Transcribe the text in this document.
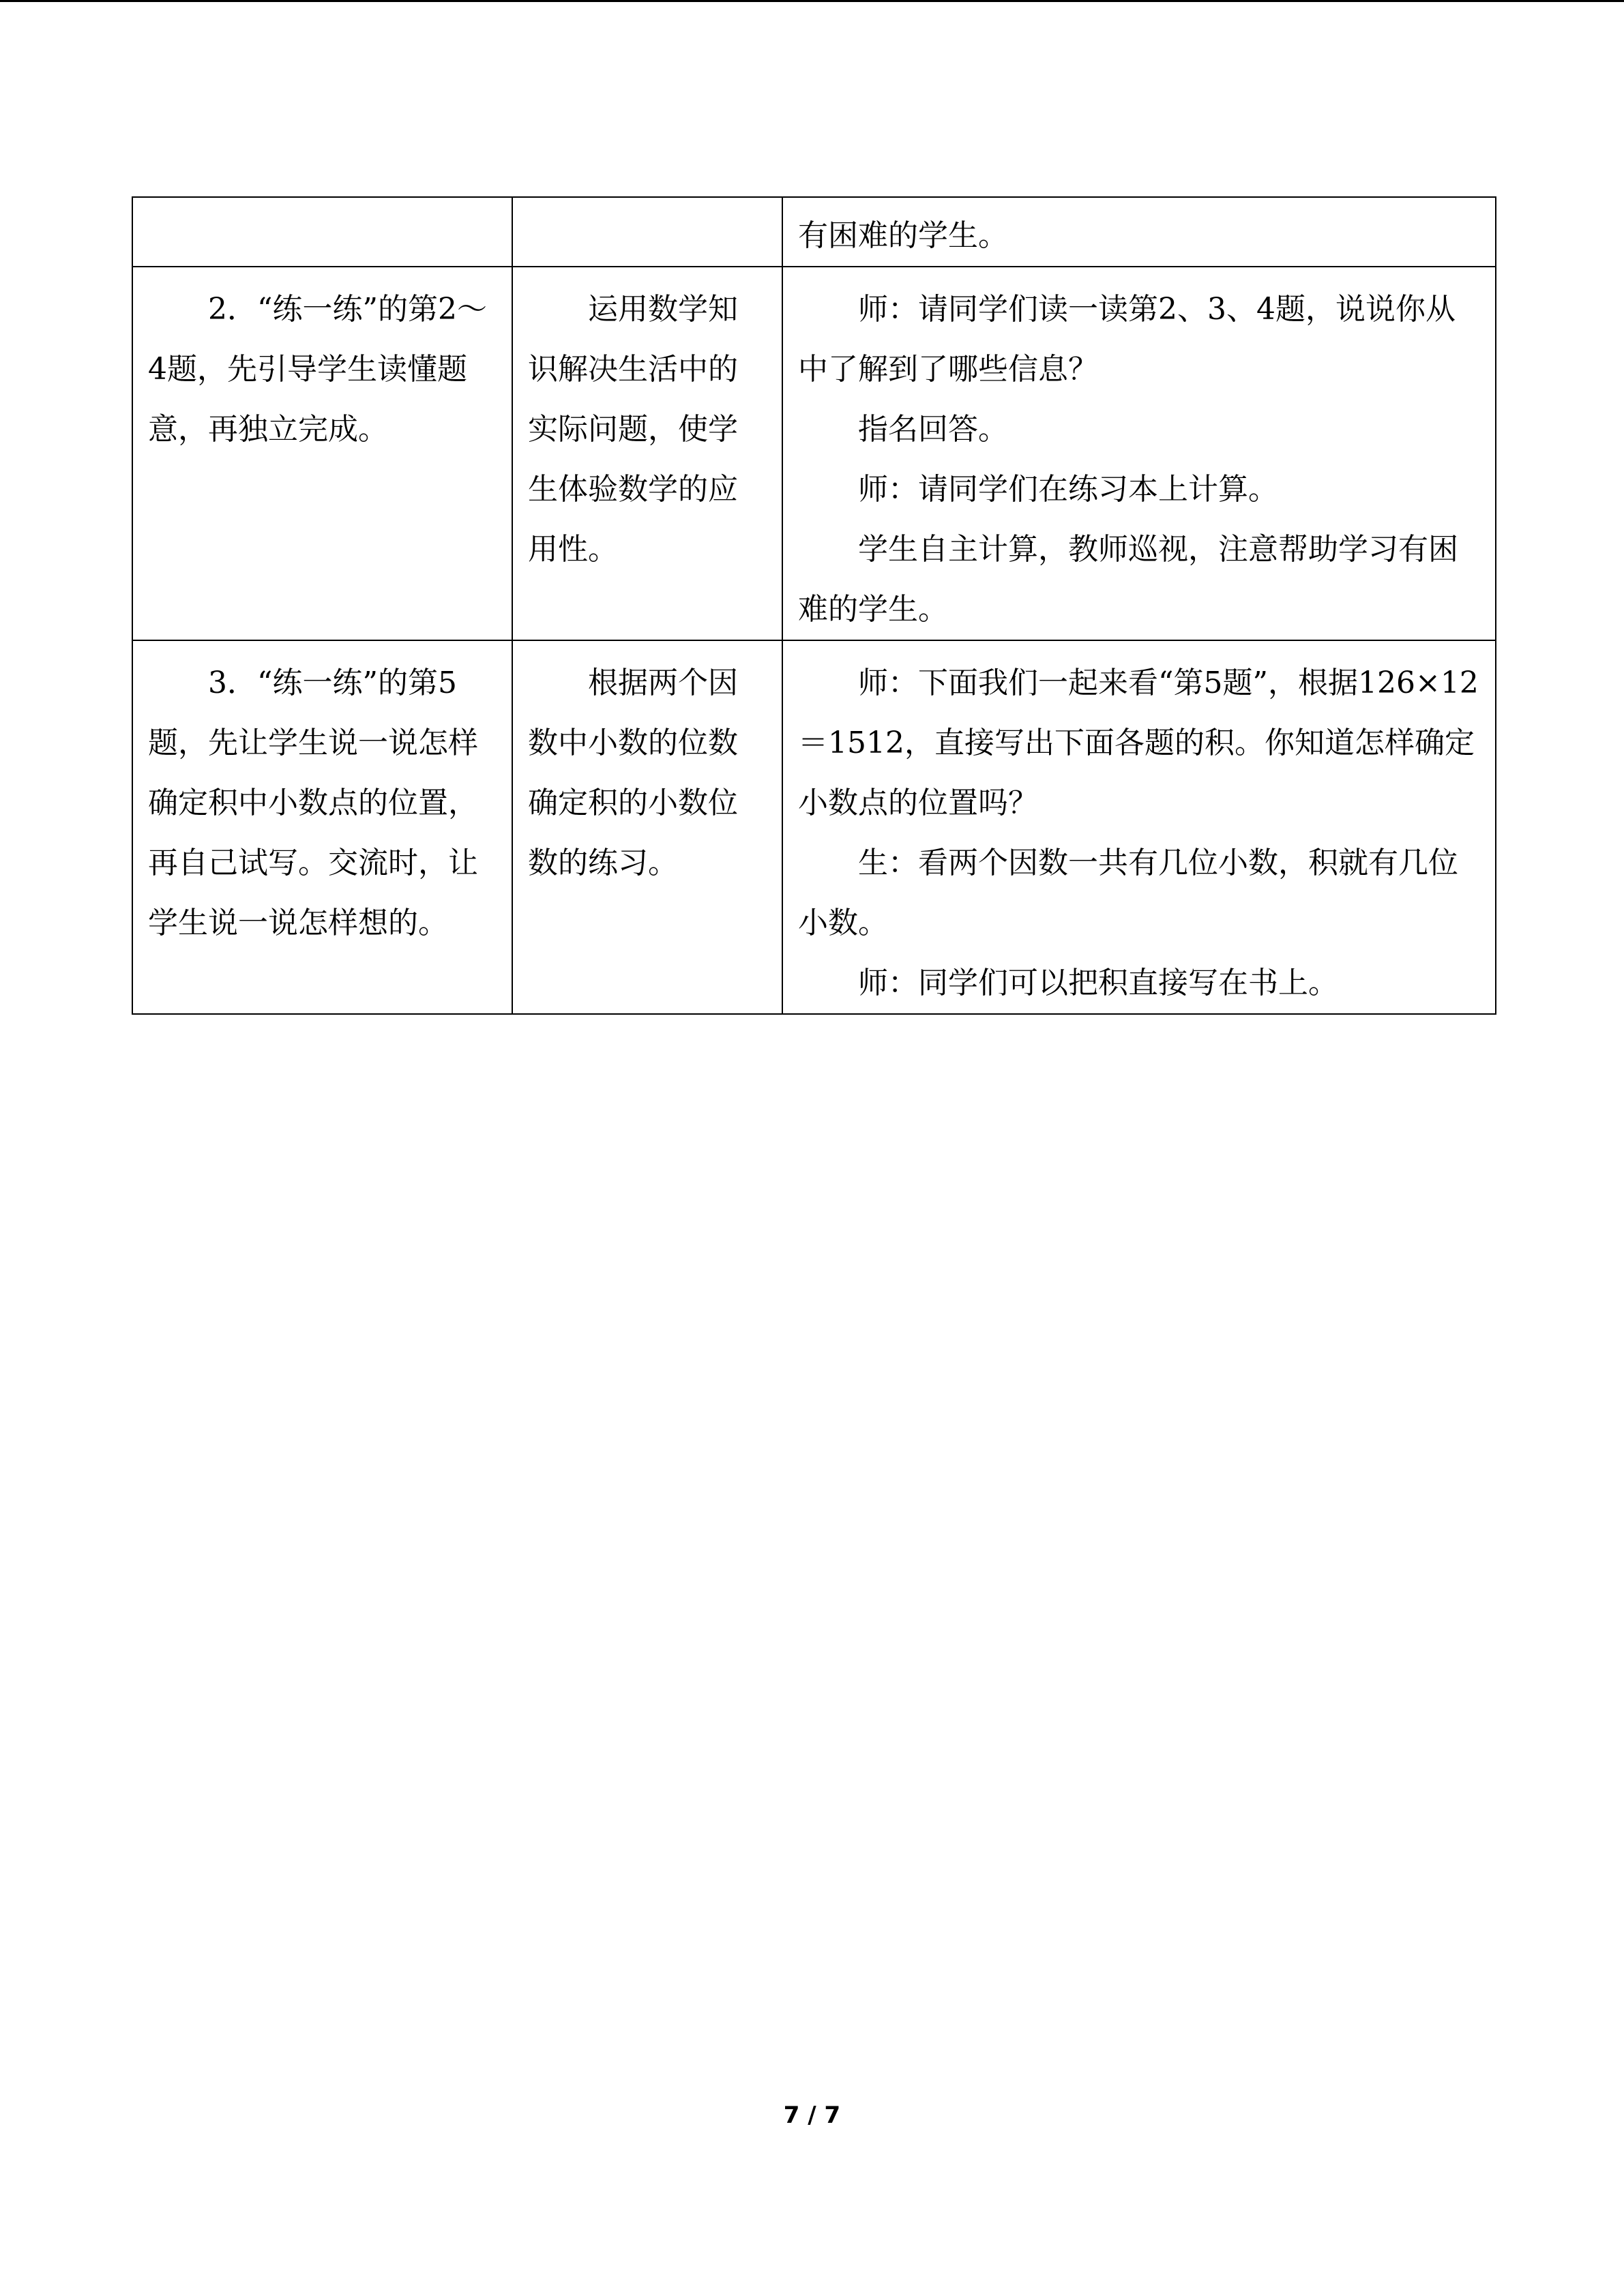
		有困难的学生。

2．“练一练”的第2～4题，先引导学生读懂题意，再独立完成。	运用数学知识解决生活中的实际问题，使学生体验数学的应用性。	师：请同学们读一读第2、3、4题，说说你从中了解到了哪些信息？

指名回答。

师：请同学们在练习本上计算。

学生自主计算，教师巡视，注意帮助学习有困难的学生。

3．“练一练”的第5题，先让学生说一说怎样确定积中小数点的位置，再自己试写。交流时，让学生说一说怎样想的。	根据两个因数中小数的位数确定积的小数位数的练习。	师：下面我们一起来看“第5题”，根据126×12＝1512，直接写出下面各题的积。你知道怎样确定小数点的位置吗？

生：看两个因数一共有几位小数，积就有几位小数。

师：同学们可以把积直接写在书上。

7 / 7
